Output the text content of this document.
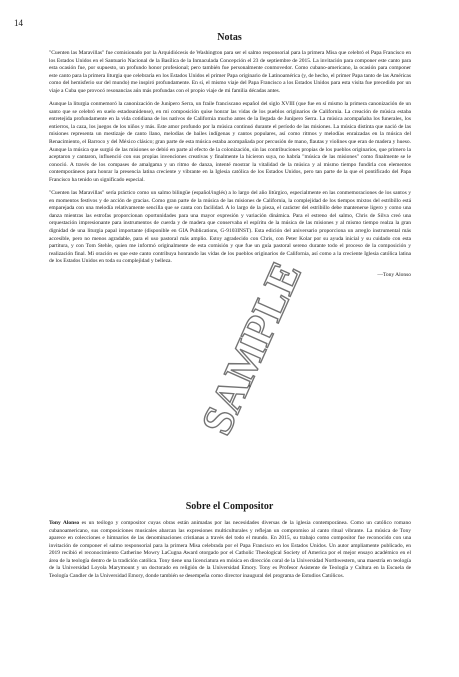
14
Notas

"Cuenten las Maravillas" fue comisionado por la Arquidiócesis de Washington para ser el salmo responsorial para la primera Misa que celebró el Papa Francisco en los Estados Unidos en el Santuario Nacional de la Basílica de la Inmaculada Concepción el 23 de septiembre de 2015. La invitación para componer este canto para esta ocasión fue, por supuesto, un profundo honor profesional; pero también fue personalmente conmovedor. Como cubano-americano, la ocasión para componer este canto para la primera liturgia que celebraría en los Estados Unidos el primer Papa originario de Latinoamérica (y, de hecho, el primer Papa tanto de las Américas como del hemisferio sur del mundo) me inspiró profundamente. En sí, el mismo viaje del Papa Francisco a los Estados Unidos para esta visita fue precedido por un viaje a Cuba que provocó resonancias aún más profundas con el propio viaje de mi familia décadas antes.

Aunque la liturgia conmemoró la canonización de Junípero Serra, un fraile franciscano español del siglo XVIII (que fue en sí mismo la primera canonización de un santo que se celebró en suelo estadounidense), en mi composición quise honrar las vidas de los pueblos originarios de California. La creación de música estaba entretejida profundamente en la vida cotidiana de los nativos de California mucho antes de la llegada de Junípero Serra. La música acompañaba los funerales, los entierros, la caza, los juegos de los niños y más. Este amor profundo por la música continuó durante el período de las misiones. La música distinta que nació de las misiones representa un mestizaje de canto llano, melodías de bailes indígenas y cantos populares, así como ritmos y melodías enraizadas en la música del Renacimiento, el Barroco y del México clásico; gran parte de esta música estaba acompañada por percusión de mano, flautas y violines que eran de madera y hueso. Aunque la música que surgió de las misiones se debió en parte al efecto de la colonización, sin las contribuciones propias de los pueblos originarios, que primero la aceptaron y cantaron, influenció con sus propias invenciones creativas y finalmente la hicieron suya, no habría "música de las misiones" como finalmente se le conoció. A través de los compases de amalgama y un ritmo de danza, intenté mostrar la vitalidad de la música y al mismo tiempo fundirla con elementos contemporáneos para honrar la presencia latina creciente y vibrante en la Iglesia católica de los Estados Unidos, pero tan parte de la que el pontificado del Papa Francisco ha tenido un significado especial.

"Cuenten las Maravillas" sería práctico como un salmo bilingüe (español/inglés) a lo largo del año litúrgico, especialmente en las conmemoraciones de los santos y en momentos festivos y de acción de gracias. Como gran parte de la música de las misiones de California, la complejidad de los tiempos mixtos del estribillo está emparejada con una melodía relativamente sencilla que se canta con facilidad. A lo largo de la pieza, el carácter del estribillo debe mantenerse ligero y como una danza mientras las estrofas proporcionan oportunidades para una mayor expresión y variación dinámica. Para el estreno del salmo, Chris de Silva creó una orquestación impresionante para instrumentos de cuerda y de madera que conservaba el espíritu de la música de las misiones y al mismo tiempo realza la gran dignidad de una liturgia papal importante (disponible en GIA Publications, G-9103INST). Esta edición del aniversario proporciona un arreglo instrumental más accesible, pero no menos agradable, para el uso pastoral más amplio. Estoy agradecido con Chris, con Peter Kolar por su ayuda inicial y su cuidado con esta partitura, y con Tom Stehle, quien me informó originalmente de esta comisión y que fue un guía pastoral sereno durante todo el proceso de la composición y realización final. Mi oración es que este canto contribuya honrando las vidas de los pueblos originarios de California, así como a la creciente Iglesia católica latina de los Estados Unidos en toda su complejidad y belleza.

—Tony Alonso

Sobre el Compositor

Tony Alonso es un teólogo y compositor cuyas obras están animadas por las necesidades diversas de la iglesia contemporánea. Como un católico romano cubanoamericano, sus composiciones musicales abarcan las expresiones multiculturales y reflejan un compromiso al canto ritual vibrante. La música de Tony aparece en colecciones e himnarios de las denominaciones cristianas a través del todo el mundo. En 2015, su trabajo como compositor fue reconocido con una invitación de componer el salmo responsorial para la primera Misa celebrada por el Papa Francisco en los Estados Unidos. Un autor ampliamente publicado, en 2019 recibió el reconocimiento Catherine Mowry LaCugna Award otorgado por el Catholic Theological Society of America por el mejor ensayo académico en el área de la teología dentro de la tradición católica. Tony tiene una licenciatura en música en dirección coral de la Universidad Northwestern, una maestría en teología de la Universidad Loyola Marymount y un doctorado en religión de la Universidad Emory. Tony es Profesor Asistente de Teología y Cultura en la Escuela de Teología Candler de la Universidad Emory, donde también se desempeña como director inaugural del programa de Estudios Católicos.

SAMPLE
